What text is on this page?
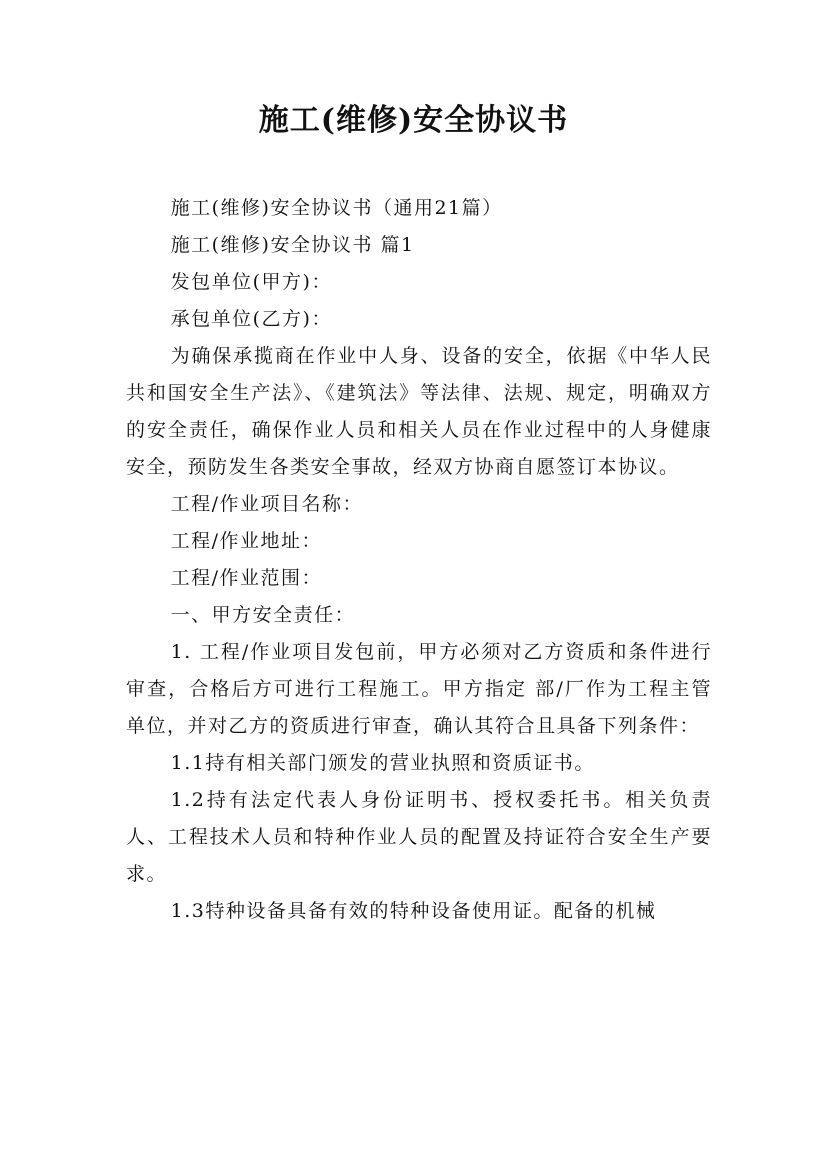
施工(维修)安全协议书

施工(维修)安全协议书（通用21篇）

施工(维修)安全协议书 篇1

发包单位(甲方)：

承包单位(乙方)：

为确保承揽商在作业中人身、设备的安全，依据《中华人民共和国安全生产法》、《建筑法》等法律、法规、规定，明确双方的安全责任，确保作业人员和相关人员在作业过程中的人身健康安全，预防发生各类安全事故，经双方协商自愿签订本协议。

工程/作业项目名称：

工程/作业地址：

工程/作业范围：

一、甲方安全责任：

1. 工程/作业项目发包前，甲方必须对乙方资质和条件进行审查，合格后方可进行工程施工。甲方指定 部/厂作为工程主管单位，并对乙方的资质进行审查，确认其符合且具备下列条件：

1.1持有相关部门颁发的营业执照和资质证书。

1.2持有法定代表人身份证明书、授权委托书。相关负责人、工程技术人员和特种作业人员的配置及持证符合安全生产要求。

1.3特种设备具备有效的特种设备使用证。配备的机械
